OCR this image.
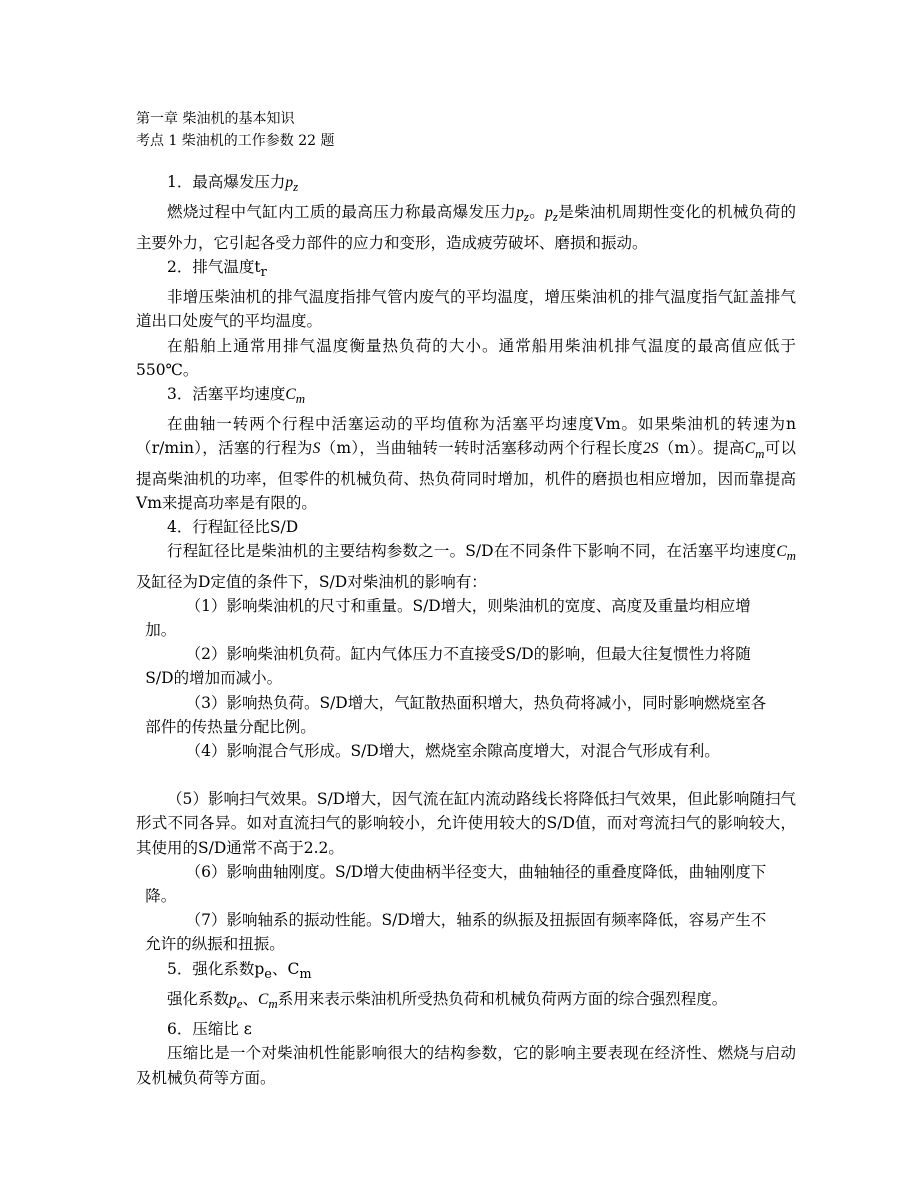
第一章 柴油机的基本知识
考点 1 柴油机的工作参数 22 题

1．最高爆发压力$p_z$

燃烧过程中气缸内工质的最高压力称最高爆发压力$p_z$。$p_z$是柴油机周期性变化的机械负荷的主要外力，它引起各受力部件的应力和变形，造成疲劳破坏、磨损和振动。

2．排气温度$t_r$

非增压柴油机的排气温度指排气管内废气的平均温度，增压柴油机的排气温度指气缸盖排气道出口处废气的平均温度。

在船舶上通常用排气温度衡量热负荷的大小。通常船用柴油机排气温度的最高值应低于550℃。

3．活塞平均速度$C_m$

在曲轴一转两个行程中活塞运动的平均值称为活塞平均速度Vm。如果柴油机的转速为n（r/min），活塞的行程为S（m），当曲轴转一转时活塞移动两个行程长度2S（m）。提高$C_m$可以提高柴油机的功率，但零件的机械负荷、热负荷同时增加，机件的磨损也相应增加，因而靠提高Vm来提高功率是有限的。

4．行程缸径比S/D

行程缸径比是柴油机的主要结构参数之一。S/D在不同条件下影响不同，在活塞平均速度$C_m$及缸径为D定值的条件下，S/D对柴油机的影响有：

（1）影响柴油机的尺寸和重量。S/D增大，则柴油机的宽度、高度及重量均相应增加。

（2）影响柴油机负荷。缸内气体压力不直接受S/D的影响，但最大往复惯性力将随S/D的增加而减小。

（3）影响热负荷。S/D增大，气缸散热面积增大，热负荷将减小，同时影响燃烧室各部件的传热量分配比例。

（4）影响混合气形成。S/D增大，燃烧室余隙高度增大，对混合气形成有利。

（5）影响扫气效果。S/D增大，因气流在缸内流动路线长将降低扫气效果，但此影响随扫气形式不同各异。如对直流扫气的影响较小，允许使用较大的S/D值，而对弯流扫气的影响较大，其使用的S/D通常不高于2.2。

（6）影响曲轴刚度。S/D增大使曲柄半径变大，曲轴轴径的重叠度降低，曲轴刚度下降。

（7）影响轴系的振动性能。S/D增大，轴系的纵振及扭振固有频率降低，容易产生不允许的纵振和扭振。

5．强化系数$p_e$、$C_m$

强化系数$p_e$、$C_m$系用来表示柴油机所受热负荷和机械负荷两方面的综合强烈程度。

6．压缩比 ε

压缩比是一个对柴油机性能影响很大的结构参数，它的影响主要表现在经济性、燃烧与启动及机械负荷等方面。
